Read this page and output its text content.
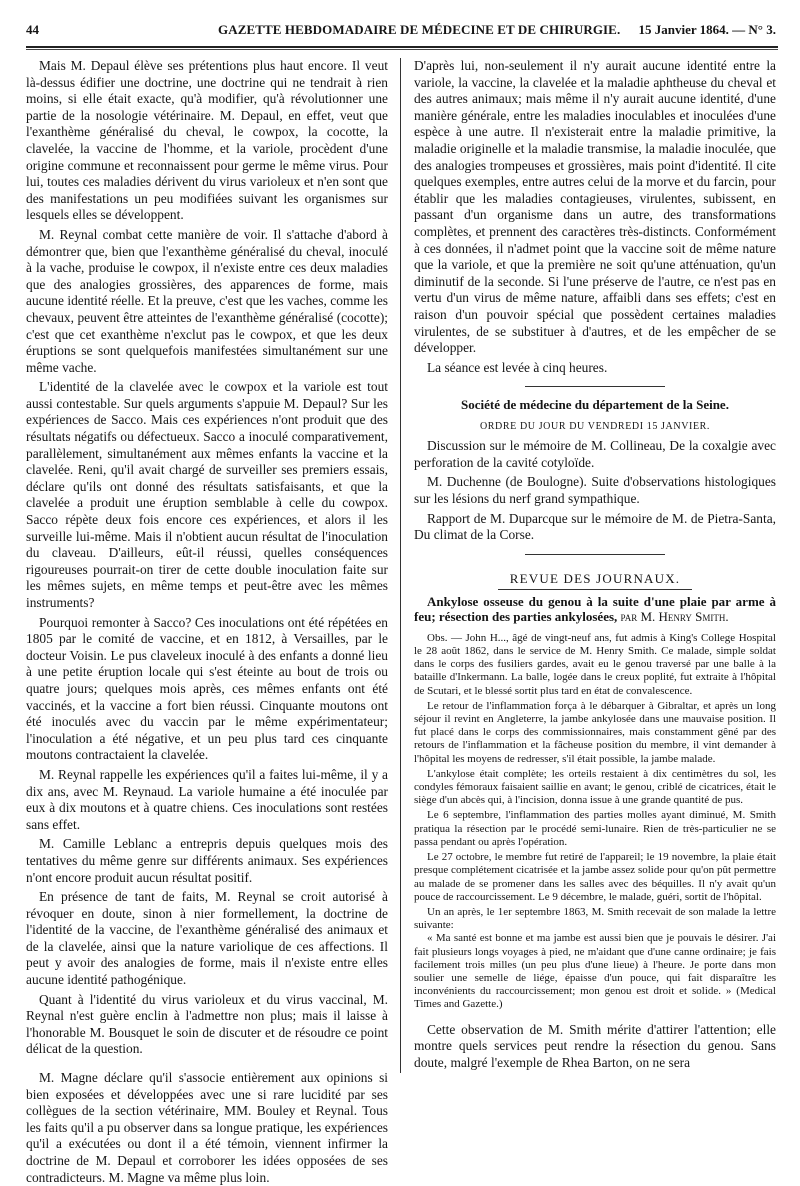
44	GAZETTE HEBDOMADAIRE DE MÉDECINE ET DE CHIRURGIE. 15 Janvier 1864. — N° 3.

Mais M. Depaul élève ses prétentions plus haut encore. Il veut là-dessus édifier une doctrine, une doctrine qui ne tendrait à rien moins, si elle était exacte, qu'à modifier, qu'à révolutionner une partie de la nosologie vétérinaire. M. Depaul, en effet, veut que l'exanthème généralisé du cheval, le cowpox, la cocotte, la clavelée, la vaccine de l'homme, et la variole, procèdent d'une origine commune et reconnaissent pour germe le même virus. Pour lui, toutes ces maladies dérivent du virus varioleux et n'en sont que des manifestations un peu modifiées suivant les organismes sur lesquels elles se développent.

M. Reynal combat cette manière de voir. Il s'attache d'abord à démontrer que, bien que l'exanthème généralisé du cheval, inoculé à la vache, produise le cowpox, il n'existe entre ces deux maladies que des analogies grossières, des apparences de forme, mais aucune identité réelle. Et la preuve, c'est que les vaches, comme les chevaux, peuvent être atteintes de l'exanthème généralisé (cocotte); c'est que cet exanthème n'exclut pas le cowpox, et que les deux éruptions se sont quelquefois manifestées simultanément sur une même vache.

L'identité de la clavelée avec le cowpox et la variole est tout aussi contestable. Sur quels arguments s'appuie M. Depaul? Sur les expériences de Sacco. Mais ces expériences n'ont produit que des résultats négatifs ou défectueux. Sacco a inoculé comparativement, parallèlement, simultanément aux mêmes enfants la vaccine et la clavelée. Reni, qu'il avait chargé de surveiller ses premiers essais, déclare qu'ils ont donné des résultats satisfaisants, et que la clavelée a produit une éruption semblable à celle du cowpox. Sacco répète deux fois encore ces expériences, et alors il les surveille lui-même. Mais il n'obtient aucun résultat de l'inoculation du claveau. D'ailleurs, eût-il réussi, quelles conséquences rigoureuses pourrait-on tirer de cette double inoculation faite sur les mêmes sujets, en même temps et peut-être avec les mêmes instruments?

Pourquoi remonter à Sacco? Ces inoculations ont été répétées en 1805 par le comité de vaccine, et en 1812, à Versailles, par le docteur Voisin. Le pus claveleux inoculé à des enfants a donné lieu à une petite éruption locale qui s'est éteinte au bout de trois ou quatre jours; quelques mois après, ces mêmes enfants ont été vaccinés, et la vaccine a fort bien réussi. Cinquante moutons ont été inoculés avec du vaccin par le même expérimentateur; l'inoculation a été négative, et un peu plus tard ces cinquante moutons contractaient la clavelée.

M. Reynal rappelle les expériences qu'il a faites lui-même, il y a dix ans, avec M. Reynaud. La variole humaine a été inoculée par eux à dix moutons et à quatre chiens. Ces inoculations sont restées sans effet.

M. Camille Leblanc a entrepris depuis quelques mois des tentatives du même genre sur différents animaux. Ses expériences n'ont encore produit aucun résultat positif.

En présence de tant de faits, M. Reynal se croit autorisé à révoquer en doute, sinon à nier formellement, la doctrine de l'identité de la vaccine, de l'exanthème généralisé des animaux et de la clavelée, ainsi que la nature variolique de ces affections. Il peut y avoir des analogies de forme, mais il n'existe entre elles aucune identité pathogénique.

Quant à l'identité du virus varioleux et du virus vaccinal, M. Reynal n'est guère enclin à l'admettre non plus; mais il laisse à l'honorable M. Bousquet le soin de discuter et de résoudre ce point délicat de la question.

M. Magne déclare qu'il s'associe entièrement aux opinions si bien exposées et développées avec une si rare lucidité par ses collègues de la section vétérinaire, MM. Bouley et Reynal. Tous les faits qu'il a pu observer dans sa longue pratique, les expériences qu'il a exécutées ou dont il a été témoin, viennent infirmer la doctrine de M. Depaul et corroborer les idées opposées de ses contradicteurs. M. Magne va même plus loin.

D'après lui, non-seulement il n'y aurait aucune identité entre la variole, la vaccine, la clavelée et la maladie aphtheuse du cheval et des autres animaux; mais même il n'y aurait aucune identité, d'une manière générale, entre les maladies inoculables et inoculées d'une espèce à une autre. Il n'existerait entre la maladie primitive, la maladie originelle et la maladie transmise, la maladie inoculée, que des analogies trompeuses et grossières, mais point d'identité. Il cite quelques exemples, entre autres celui de la morve et du farcin, pour établir que les maladies contagieuses, virulentes, subissent, en passant d'un organisme dans un autre, des transformations complètes, et prennent des caractères très-distincts. Conformément à ces données, il n'admet point que la vaccine soit de même nature que la variole, et que la première ne soit qu'une atténuation, qu'un diminutif de la seconde. Si l'une préserve de l'autre, ce n'est pas en vertu d'un virus de même nature, affaibli dans ses effets; c'est en raison d'un pouvoir spécial que possèdent certaines maladies virulentes, de se substituer à d'autres, et de les empêcher de se développer.

La séance est levée à cinq heures.

Société de médecine du département de la Seine.
ORDRE DU JOUR DU VENDREDI 15 JANVIER.

Discussion sur le mémoire de M. Collineau, De la coxalgie avec perforation de la cavité cotyloïde.

M. Duchenne (de Boulogne). Suite d'observations histologiques sur les lésions du nerf grand sympathique.

Rapport de M. Duparcque sur le mémoire de M. de Pietra-Santa, Du climat de la Corse.

REVUE DES JOURNAUX.

Ankylose osseuse du genou à la suite d'une plaie par arme à feu; résection des parties ankylosées, par M. Henry Smith.

Obs. — John H..., âgé de vingt-neuf ans, fut admis à King's College Hospital le 28 août 1862, dans le service de M. Henry Smith. Ce malade, simple soldat dans le corps des fusiliers gardes, avait eu le genou traversé par une balle à la bataille d'Inkermann. La balle, logée dans le creux poplité, fut extraite à l'hôpital de Scutari, et le blessé sortit plus tard en état de convalescence.

Le retour de l'inflammation força à le débarquer à Gibraltar, et après un long séjour il revint en Angleterre, la jambe ankylosée dans une mauvaise position. Il fut placé dans le corps des commissionnaires, mais constamment gêné par des retours de l'inflammation et la fâcheuse position du membre, il vint demander à l'hôpital les moyens de redresser, s'il était possible, la jambe malade.

L'ankylose était complète; les orteils restaient à dix centimètres du sol, les condyles fémoraux faisaient saillie en avant; le genou, criblé de cicatrices, était le siège d'un abcès qui, à l'incision, donna issue à une grande quantité de pus.

Le 6 septembre, l'inflammation des parties molles ayant diminué, M. Smith pratiqua la résection par le procédé semi-lunaire. Rien de très-particulier ne se passa pendant ou après l'opération.

Le 27 octobre, le membre fut retiré de l'appareil; le 19 novembre, la plaie était presque complétement cicatrisée et la jambe assez solide pour qu'on pût permettre au malade de se promener dans les salles avec des béquilles. Il n'y avait qu'un pouce de raccourcissement. Le 9 décembre, le malade, guéri, sortit de l'hôpital.

Un an après, le 1er septembre 1863, M. Smith recevait de son malade la lettre suivante:

« Ma santé est bonne et ma jambe est aussi bien que je pouvais le désirer. J'ai fait plusieurs longs voyages à pied, ne m'aidant que d'une canne ordinaire; je fais facilement trois milles (un peu plus d'une lieue) à l'heure. Je porte dans mon soulier une semelle de liége, épaisse d'un pouce, qui fait disparaître les inconvénients du raccourcissement; mon genou est droit et solide. » (Medical Times and Gazette.)

Cette observation de M. Smith mérite d'attirer l'attention; elle montre quels services peut rendre la résection du genou. Sans doute, malgré l'exemple de Rhea Barton, on ne sera
